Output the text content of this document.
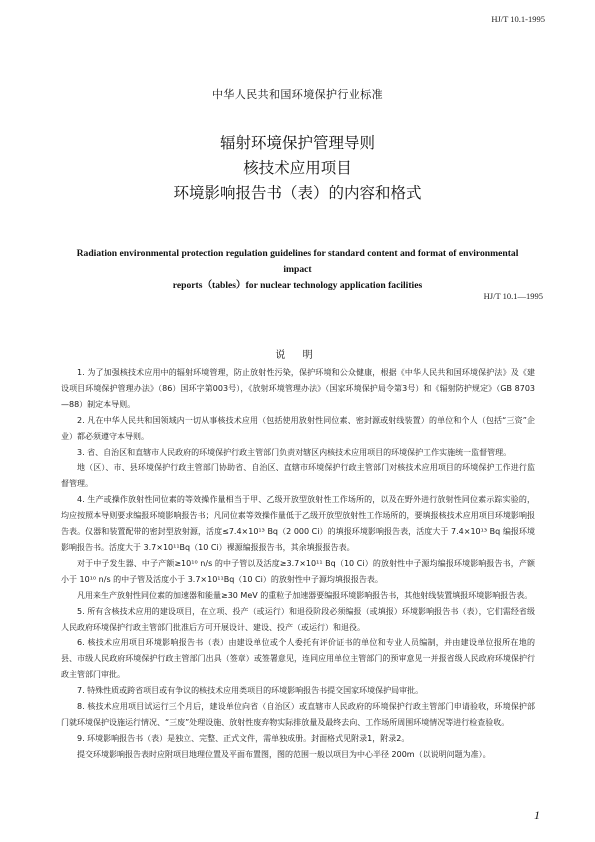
HJ/T 10.1-1995
中华人民共和国环境保护行业标准
辐射环境保护管理导则
核技术应用项目
环境影响报告书（表）的内容和格式
Radiation environmental protection regulation guidelines for standard content and format of environmental impact
reports（tables）for nuclear technology application facilities
HJ/T 10.1—1995
说 明

1. 为了加强核技术应用中的辐射环境管理，防止放射性污染，保护环境和公众健康，根据《中华人民共和国环境保护法》及《建设项目环境保护管理办法》（86）国环字第003号），《放射环境管理办法》（国家环境保护局令第3号）和《辐射防护规定》（GB 8703—88）制定本导则。

2. 凡在中华人民共和国领域内一切从事核技术应用（包括使用放射性同位素、密封源或射线装置）的单位和个人（包括“三资”企业）都必须遵守本导则。

3. 省、自治区和直辖市人民政府的环境保护行政主管部门负责对辖区内核技术应用项目的环境保护工作实施统一监督管理。

地（区）、市、县环境保护行政主管部门协助省、自治区、直辖市环境保护行政主管部门对核技术应用项目的环境保护工作进行监督管理。

4. 生产或操作放射性同位素的等效操作量相当于甲、乙级开放型放射性工作场所的，以及在野外进行放射性同位素示踪实验的，均应按照本导则要求编报环境影响报告书；凡同位素等效操作量低于乙级开放型放射性工作场所的，要填报核技术应用项目环境影响报告表。仪器和装置配带的密封型放射源，活度≤7.4×10¹³ Bq（2 000 Ci）的填报环境影响报告表，活度大于 7.4×10¹³ Bq 编报环境影响报告书。活度大于 3.7×10¹¹Bq（10 Ci）裸源编报报告书，其余填报报告表。

对于中子发生器、中子产额≥10¹⁰ n/s 的中子管以及活度≥3.7×10¹¹ Bq（10 Ci）的放射性中子源均编报环境影响报告书，产额小于 10¹⁰ n/s 的中子管及活度小于 3.7×10¹¹Bq（10 Ci）的放射性中子源均填报报告表。

凡用来生产放射性同位素的加速器和能量≥30 MeV 的重粒子加速器要编报环境影响报告书，其他射线装置填报环境影响报告表。

5. 所有含核技术应用的建设项目，在立项、投产（或运行）和退役阶段必须编报（或填报）环境影响报告书（表），它们需经省级人民政府环境保护行政主管部门批准后方可开展设计、建设、投产（或运行）和退役。

6. 核技术应用项目环境影响报告书（表）由建设单位或个人委托有评价证书的单位和专业人员编制，并由建设单位报所在地的县、市级人民政府环境保护行政主管部门出具（签章）或签署意见，连同应用单位主管部门的预审意见一并报省级人民政府环境保护行政主管部门审批。

7. 特殊性质或跨省项目或有争议的核技术应用类项目的环境影响报告书提交国家环境保护局审批。

8. 核技术应用项目试运行三个月后，建设单位向省（自治区）或直辖市人民政府的环境保护行政主管部门申请验收，环境保护部门就环境保护设施运行情况、“三废”处理设施、放射性废弃物实际排放量及最终去向、工作场所周围环境情况等进行检查验收。

9. 环境影响报告书（表）是独立、完整、正式文件，需单独成册。封面格式见附录1，附录2。

提交环境影响报告表时应附项目地理位置及平面布置图，图的范围一般以项目为中心半径 200m（以说明问题为准）。

1
